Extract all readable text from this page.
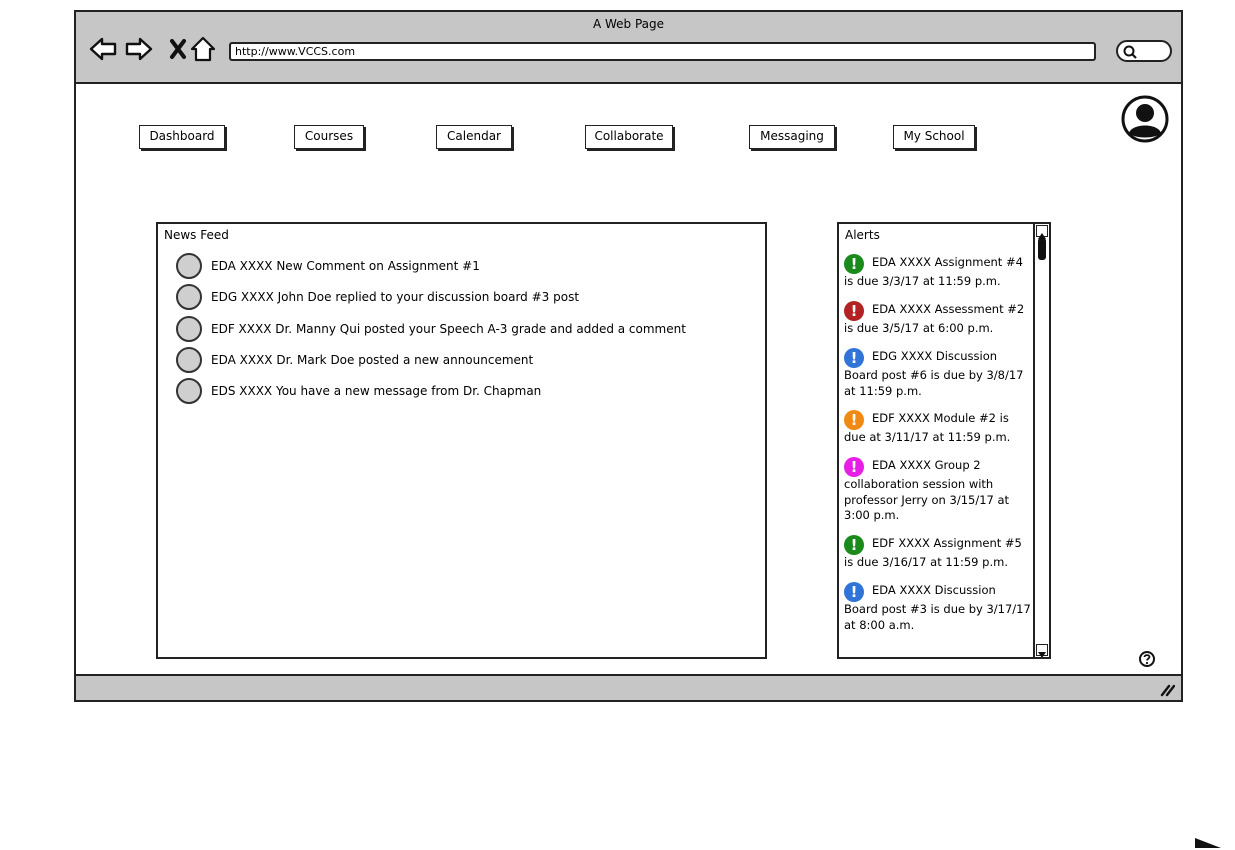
A Web Page
http://www.VCCS.com
Dashboard	Courses	Calendar	Collaborate	Messaging	My School
News Feed
EDA XXXX New Comment on Assignment #1
EDG XXXX John Doe replied to your discussion board #3 post
EDF XXXX Dr. Manny Qui posted your Speech A-3 grade and added a comment
EDA XXXX Dr. Mark Doe posted a new announcement
EDS XXXX You have a new message from Dr. Chapman
Alerts
! EDA XXXX Assignment #4 is due 3/3/17 at 11:59 p.m.
! EDA XXXX Assessment #2 is due 3/5/17 at 6:00 p.m.
! EDG XXXX Discussion Board post #6 is due by 3/8/17 at 11:59 p.m.
! EDF XXXX Module #2 is due at 3/11/17 at 11:59 p.m.
! EDA XXXX Group 2 collaboration session with professor Jerry on 3/15/17 at 3:00 p.m.
! EDF XXXX Assignment #5 is due 3/16/17 at 11:59 p.m.
! EDA XXXX Discussion Board post #3 is due by 3/17/17 at 8:00 a.m.
